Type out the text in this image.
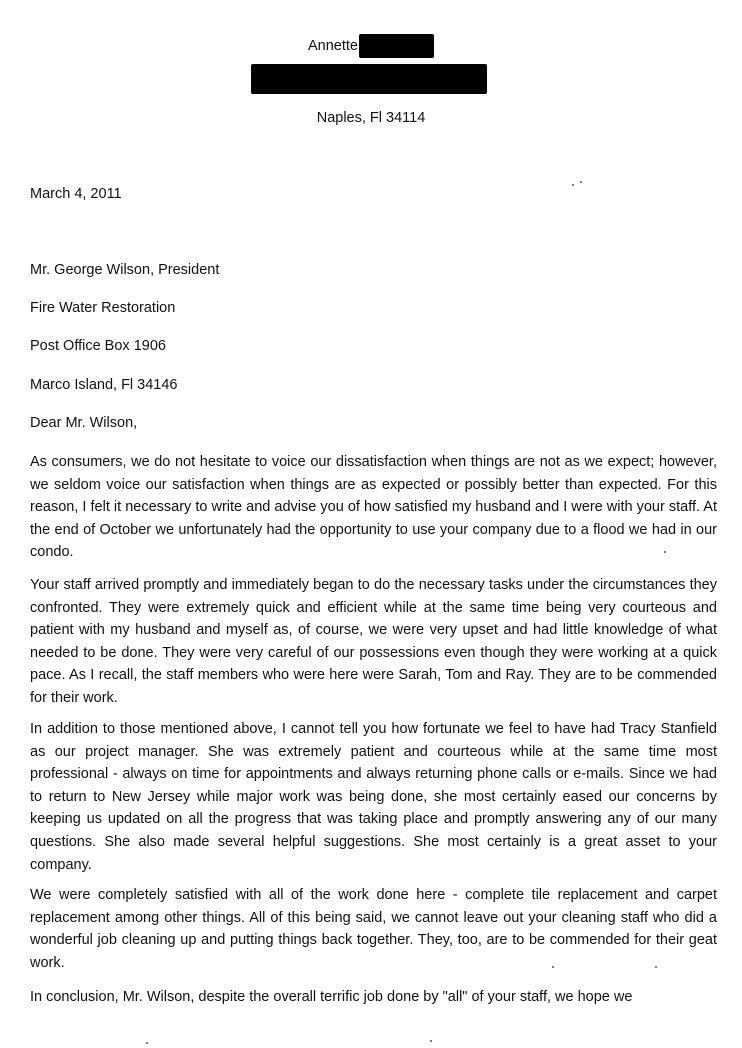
Annette
Naples, Fl 34114
March 4, 2011
Mr. George Wilson, President
Fire Water Restoration
Post Office Box 1906
Marco Island, Fl 34146
Dear Mr. Wilson,

As consumers, we do not hesitate to voice our dissatisfaction when things are not as we expect; however, we seldom voice our satisfaction when things are as expected or possibly better than expected. For this reason, I felt it necessary to write and advise you of how satisfied my husband and I were with your staff. At the end of October we unfortunately had the opportunity to use your company due to a flood we had in our condo.

Your staff arrived promptly and immediately began to do the necessary tasks under the circumstances they confronted. They were extremely quick and efficient while at the same time being very courteous and patient with my husband and myself as, of course, we were very upset and had little knowledge of what needed to be done. They were very careful of our possessions even though they were working at a quick pace. As I recall, the staff members who were here were Sarah, Tom and Ray. They are to be commended for their work.

In addition to those mentioned above, I cannot tell you how fortunate we feel to have had Tracy Stanfield as our project manager. She was extremely patient and courteous while at the same time most professional - always on time for appointments and always returning phone calls or e-mails. Since we had to return to New Jersey while major work was being done, she most certainly eased our concerns by keeping us updated on all the progress that was taking place and promptly answering any of our many questions. She also made several helpful suggestions. She most certainly is a great asset to your company.

We were completely satisfied with all of the work done here - complete tile replacement and carpet replacement among other things. All of this being said, we cannot leave out your cleaning staff who did a wonderful job cleaning up and putting things back together. They, too, are to be commended for their geat work.

In conclusion, Mr. Wilson, despite the overall terrific job done by "all" of your staff, we hope we
